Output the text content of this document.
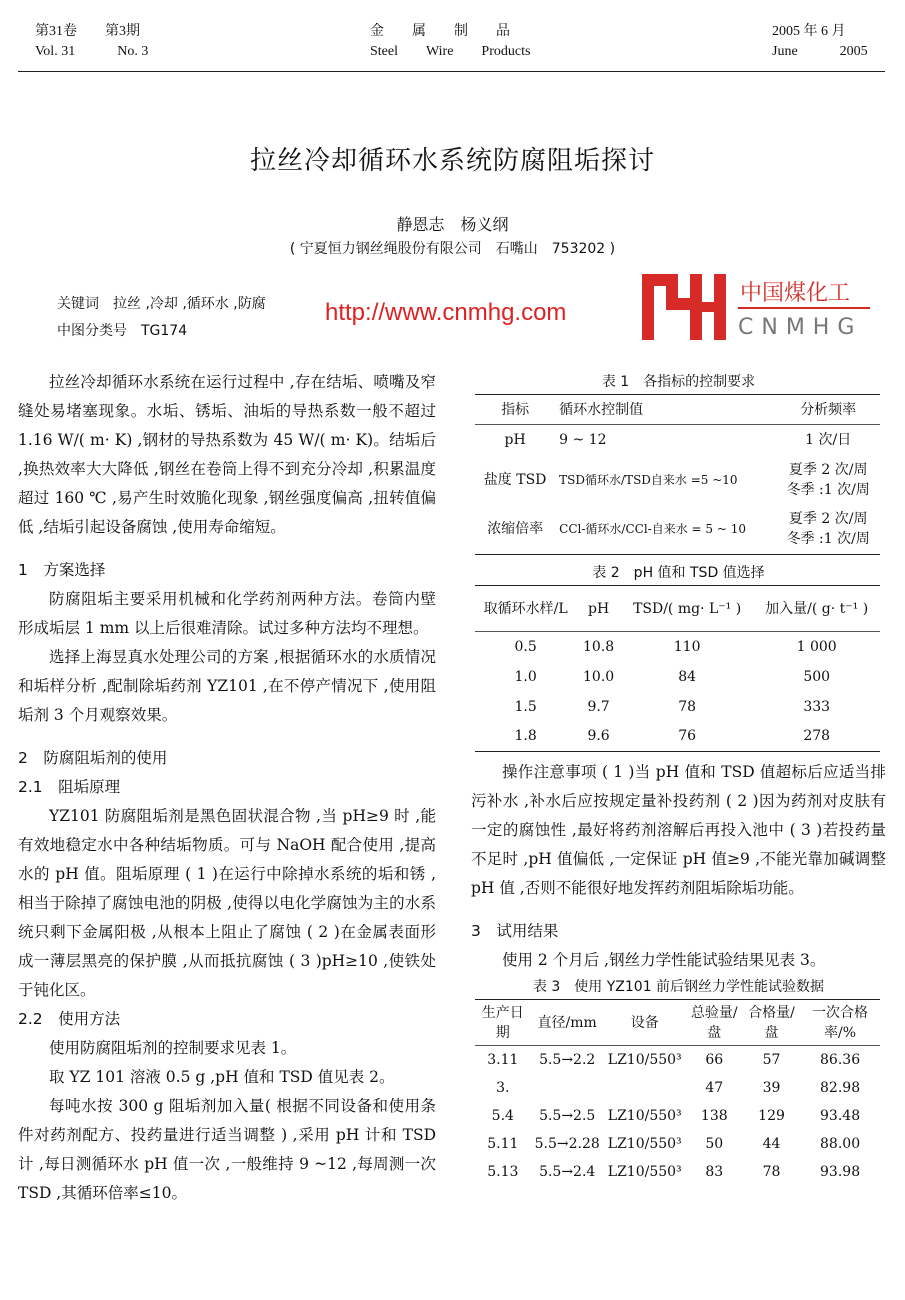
第31卷　　 第3期
Vol. 31　　　	No. 3
金　　属　　制　　品
Steel　　Wire　　Products
2005 年 6 月
June　　　2005
拉丝冷却循环水系统防腐阻垢探讨
静恩志　杨义纲
( 宁夏恒力钢丝绳股份有限公司　石嘴山　753202 )
关键词　拉丝 ,冷却 ,循环水 ,防腐
中图分类号　TG174
http://www.cnmhg.com
中国煤化工
CNMHG

拉丝冷却循环水系统在运行过程中 ,存在结垢、喷嘴及窄缝处易堵塞现象。水垢、锈垢、油垢的导热系数一般不超过 1.16 W/( m· K) ,钢材的导热系数为 45 W/( m· K)。结垢后 ,换热效率大大降低 ,钢丝在卷筒上得不到充分冷却 ,积累温度超过 160 ℃ ,易产生时效脆化现象 ,钢丝强度偏高 ,扭转值偏低 ,结垢引起设备腐蚀 ,使用寿命缩短。

1　方案选择

防腐阻垢主要采用机械和化学药剂两种方法。卷筒内壁形成垢层 1 mm 以上后很难清除。试过多种方法均不理想。

选择上海昱真水处理公司的方案 ,根据循环水的水质情况和垢样分析 ,配制除垢药剂 YZ101 ,在不停产情况下 ,使用阻垢剂 3 个月观察效果。

2　防腐阻垢剂的使用
2.1　阻垢原理

YZ101 防腐阻垢剂是黑色固状混合物 ,当 pH≥9 时 ,能有效地稳定水中各种结垢物质。可与 NaOH 配合使用 ,提高水的 pH 值。阻垢原理 ( 1 )在运行中除掉水系统的垢和锈 ,相当于除掉了腐蚀电池的阴极 ,使得以电化学腐蚀为主的水系统只剩下金属阳极 ,从根本上阻止了腐蚀 ( 2 )在金属表面形成一薄层黑亮的保护膜 ,从而抵抗腐蚀 ( 3 )pH≥10 ,使铁处于钝化区。

2.2　使用方法

使用防腐阻垢剂的控制要求见表 1。

取 YZ 101 溶液 0.5 g ,pH 值和 TSD 值见表 2。

每吨水按 300 g 阻垢剂加入量( 根据不同设备和使用条件对药剂配方、投药量进行适当调整 ) ,采用 pH 计和 TSD 计 ,每日测循环水 pH 值一次 ,一般维持 9 ~12 ,每周测一次 TSD ,其循环倍率≤10。

表 1　各指标的控制要求
指标	循环水控制值	分析频率
pH	9 ~ 12	1 次/日
盐度 TSD	TSD循环水/TSD自来水 =5 ~10	夏季 2 次/周
冬季 :1 次/周
浓缩倍率	CCl-循环水/CCl-自来水 = 5 ~ 10	夏季 2 次/周
冬季 :1 次/周
表 2　pH 值和 TSD 值选择
取循环水样/L	pH	TSD/( mg· L⁻¹ )	加入量/( g· t⁻¹ )
0.5	10.8	110	1 000
1.0	10.0	84	500
1.5	9.7	78	333
1.8	9.6	76	278

操作注意事项 ( 1 )当 pH 值和 TSD 值超标后应适当排污补水 ,补水后应按规定量补投药剂 ( 2 )因为药剂对皮肤有一定的腐蚀性 ,最好将药剂溶解后再投入池中 ( 3 )若投药量不足时 ,pH 值偏低 ,一定保证 pH 值≥9 ,不能光靠加碱调整 pH 值 ,否则不能很好地发挥药剂阻垢除垢功能。

3　试用结果

使用 2 个月后 ,钢丝力学性能试验结果见表 3。

表 3　使用 YZ101 前后钢丝力学性能试验数据
生产日期	直径/mm	设备	总验量/盘	合格量/盘	一次合格率/%
3.11	5.5→2.2	LZ10/550³	66	57	86.36
3.			47	39	82.98
5.4	5.5→2.5	LZ10/550³	138	129	93.48
5.11	5.5→2.28	LZ10/550³	50	44	88.00
5.13	5.5→2.4	LZ10/550³	83	78	93.98
